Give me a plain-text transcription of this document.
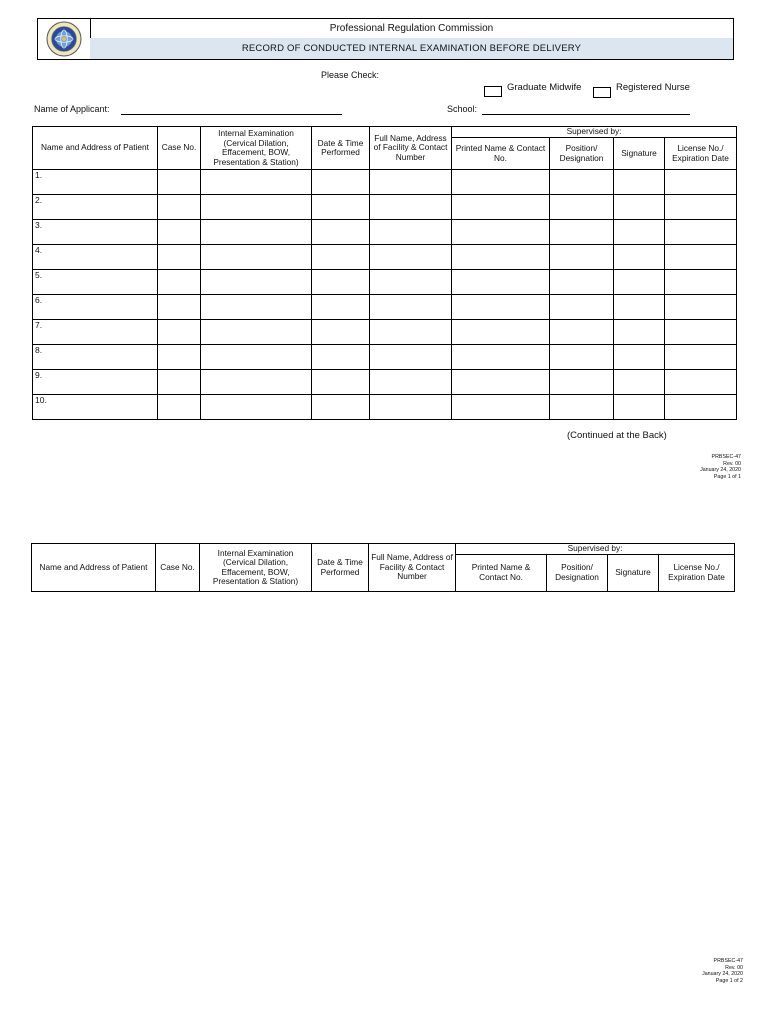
Professional Regulation Commission
RECORD OF CONDUCTED INTERNAL EXAMINATION BEFORE DELIVERY
Please Check:
Graduate Midwife	Registered Nurse
Name of Applicant:	School:
Name and Address of Patient	Case No.	Internal Examination (Cervical Dilation, Effacement, BOW, Presentation & Station)	Date & Time Performed	Full Name, Address of Facility & Contact Number	Supervised by:			
					Printed Name & Contact No.	Position/ Designation	Signature	License No./ Expiration Date
1.								
2.								
3.								
4.								
5.								
6.								
7.								
8.								
9.								
10.								
(Continued at the Back)
PRBSEC-47
Rev. 00
January 24, 2020
Page 1 of 1
Name and Address of Patient	Case No.	Internal Examination (Cervical Dilation, Effacement, BOW, Presentation & Station)	Date & Time Performed	Full Name, Address of Facility & Contact Number	Supervised by:			
					Printed Name & Contact No.	Position/ Designation	Signature	License No./ Expiration Date
PRBSEC-47
Rev. 00
January 24, 2020
Page 1 of 2
